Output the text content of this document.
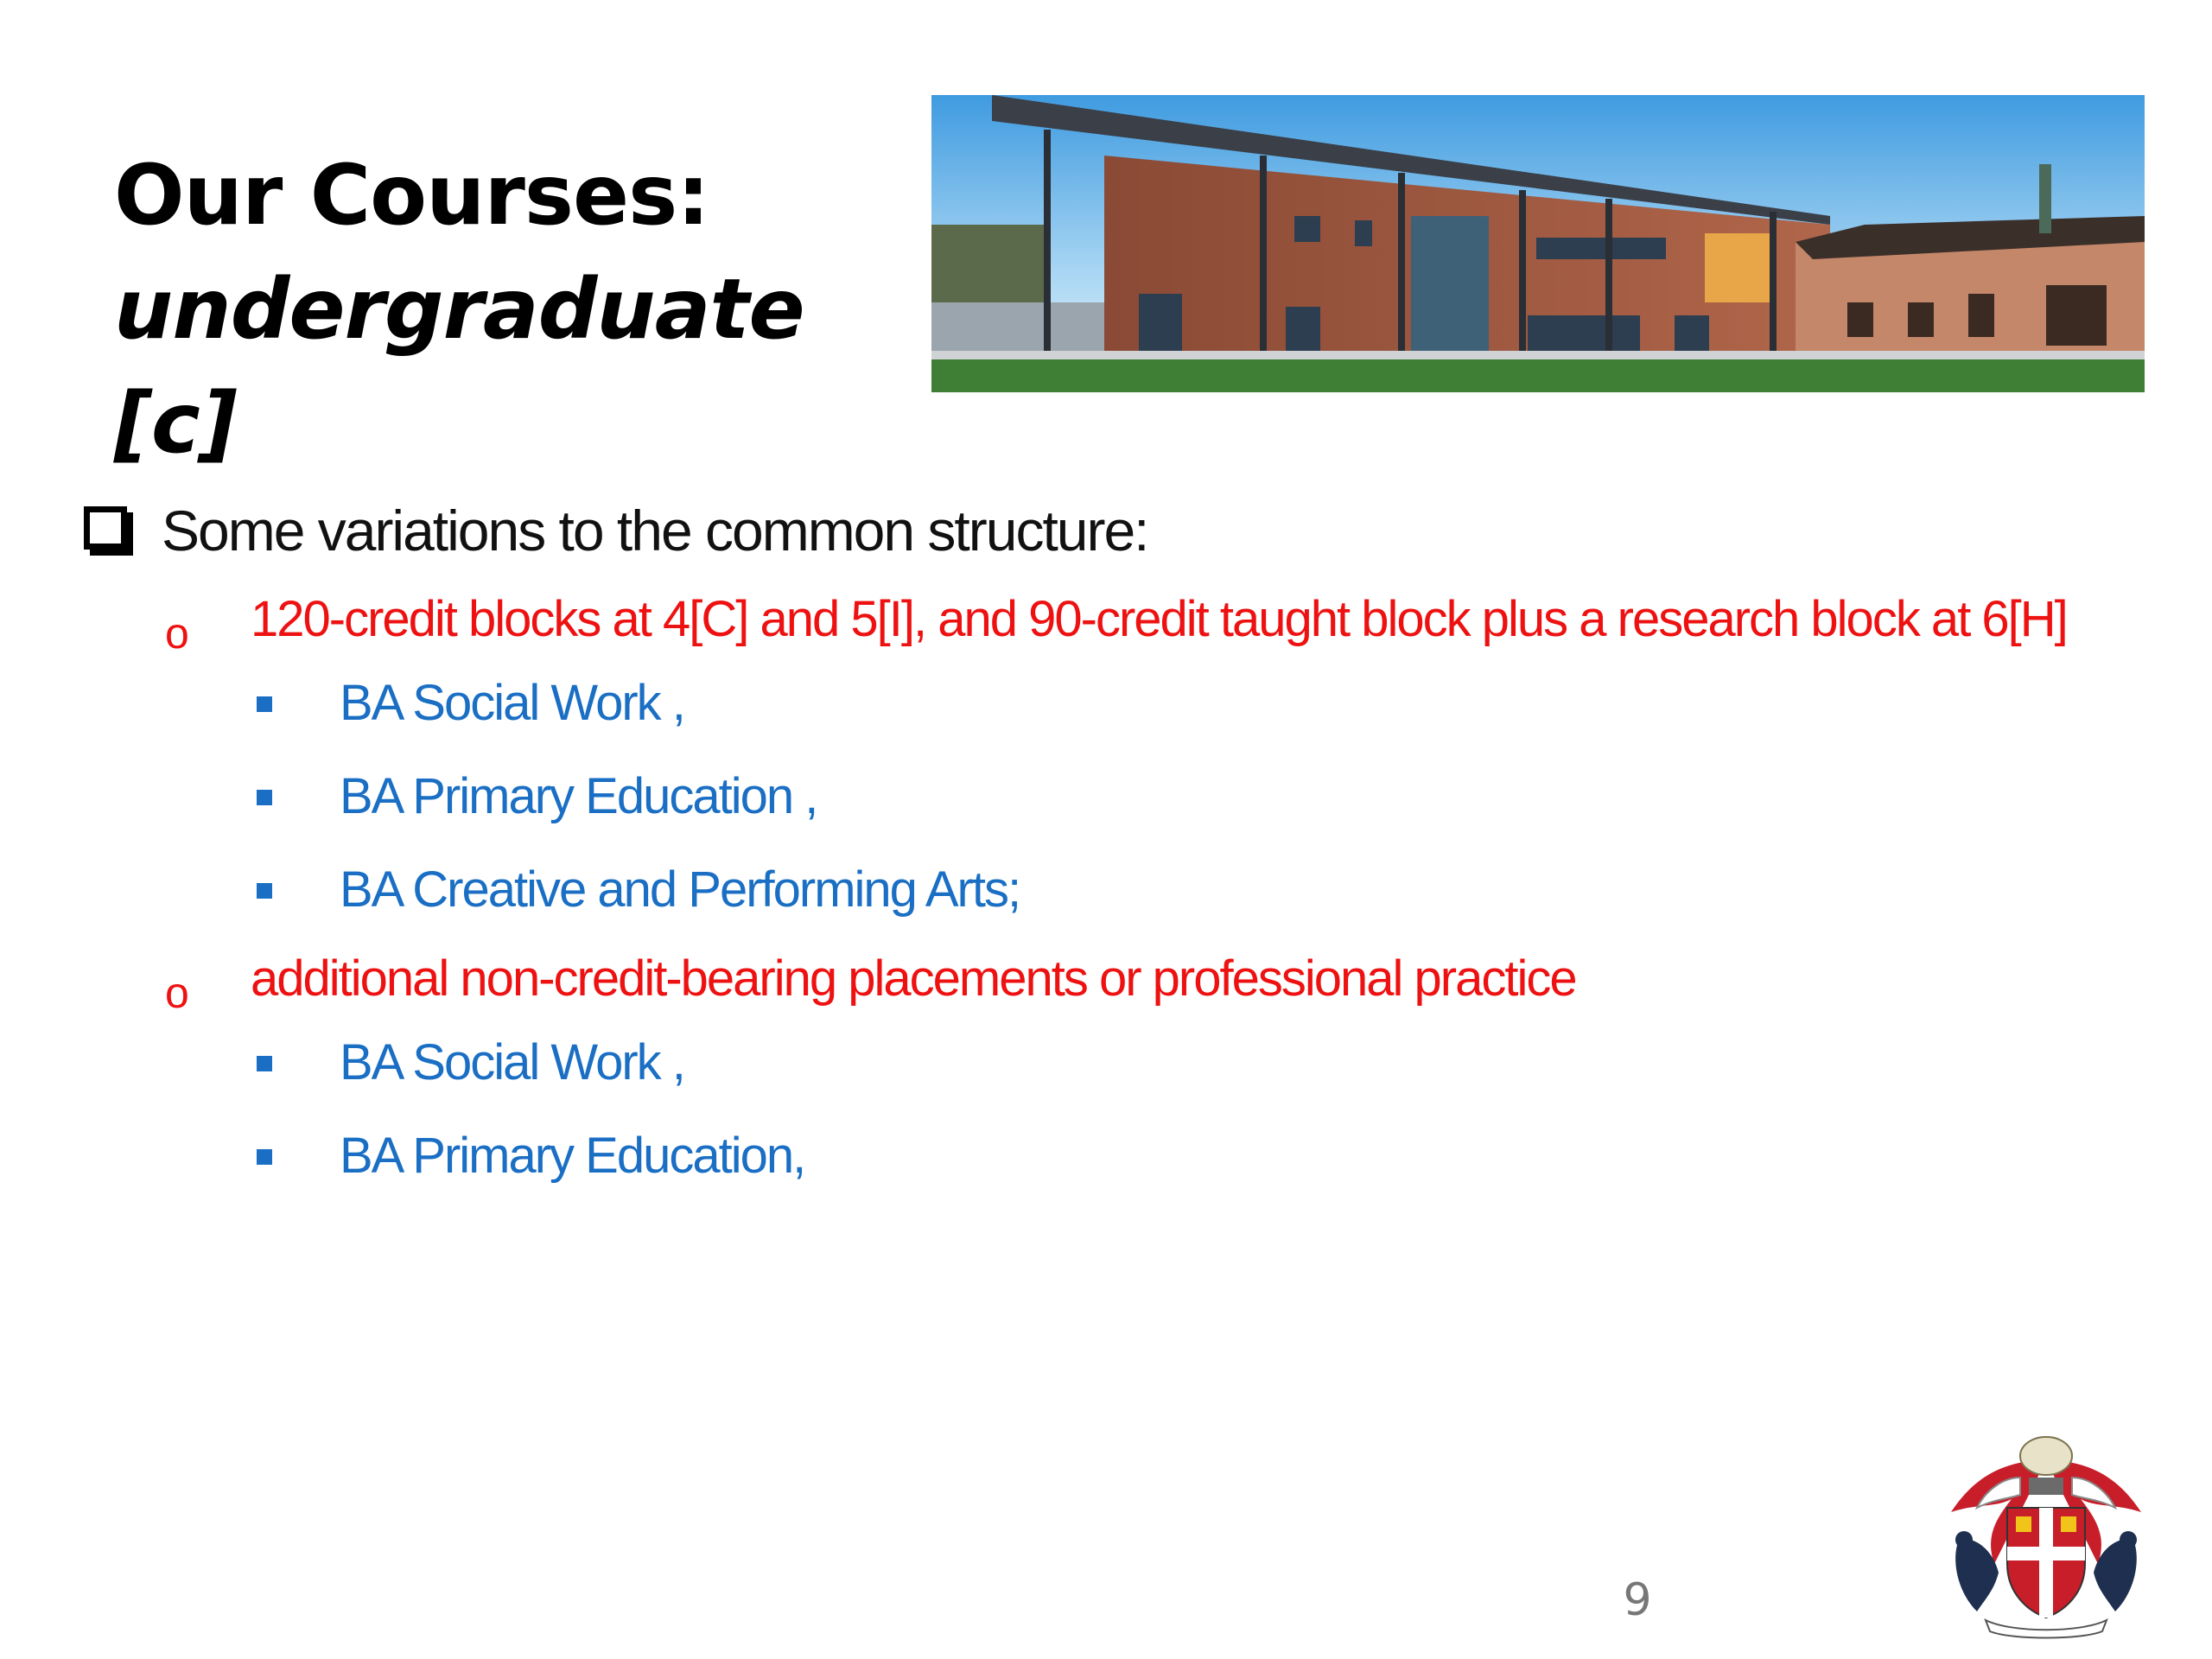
Our Courses:
undergraduate [c]
Some variations to the common structure:
o 120-credit blocks at 4[C] and 5[I], and 90-credit taught block plus a research block at 6[H]
BA Social Work ,
BA Primary Education ,
BA Creative and Performing Arts;
o additional non-credit-bearing placements or professional practice
BA Social Work ,
BA Primary Education,
9
